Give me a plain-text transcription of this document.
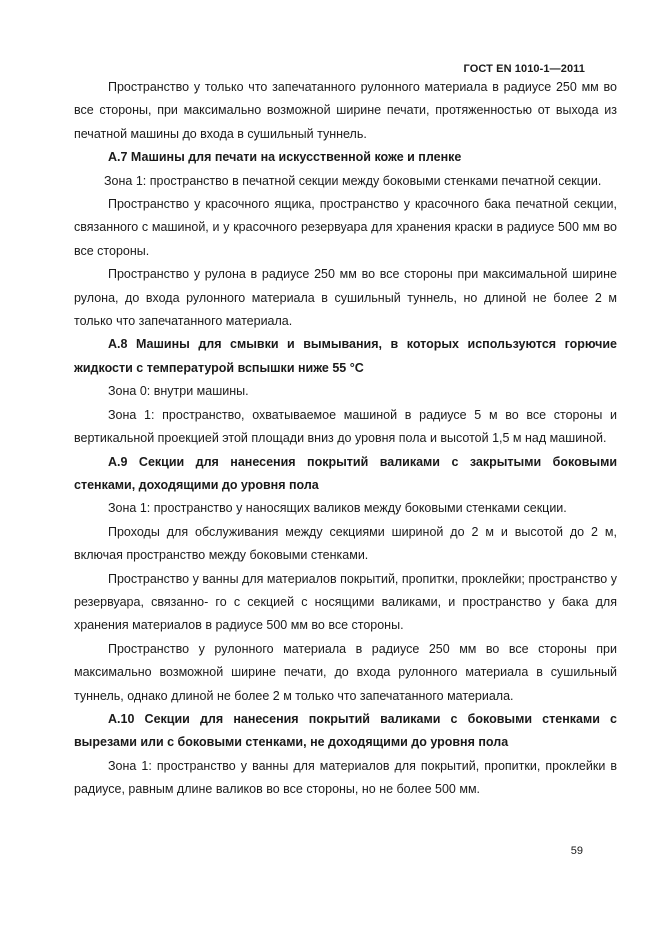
ГОСТ EN 1010-1—2011

Пространство у только что запечатанного рулонного материала в радиусе 250 мм во все стороны, при максимально возможной ширине печати, протяженностью от выхода из печатной машины до входа в сушильный туннель.

А.7 Машины для печати на искусственной коже и пленке

Зона 1: пространство в печатной секции между боковыми стенками печатной секции.

Пространство у красочного ящика, пространство у красочного бака печатной секции, связанного с машиной, и у красочного резервуара для хранения краски в радиусе 500 мм во все стороны.

Пространство у рулона в радиусе 250 мм во все стороны при максимальной ширине рулона, до входа рулонного материала в сушильный туннель, но длиной не более 2 м только что запечатанного материала.

А.8 Машины для смывки и вымывания, в которых используются горючие жидкости с температурой вспышки ниже 55 °С

Зона 0: внутри машины.

Зона 1: пространство, охватываемое машиной в радиусе 5 м во все стороны и вертикальной проекцией этой площади вниз до уровня пола и высотой 1,5 м над машиной.

А.9 Секции для нанесения покрытий валиками с закрытыми боковыми стенками, доходящими до уровня пола

Зона 1: пространство у наносящих валиков между боковыми стенками секции.

Проходы для обслуживания между секциями шириной до 2 м и высотой до 2 м, включая пространство между боковыми стенками.

Пространство у ванны для материалов покрытий, пропитки, проклейки; пространство у резервуара, связанно- го с секцией с носящими валиками, и пространство у бака для хранения материалов в радиусе 500 мм во все стороны.

Пространство у рулонного материала в радиусе 250 мм во все стороны при максимально возможной ширине печати, до входа рулонного материала в сушильный туннель, однако длиной не более 2 м только что запечатанного материала.

А.10 Секции для нанесения покрытий валиками с боковыми стенками с вырезами или с боковыми стенками, не доходящими до уровня пола

Зона 1: пространство у ванны для материалов для покрытий, пропитки, проклейки в радиусе, равным длине валиков во все стороны, но не более 500 мм.

59
